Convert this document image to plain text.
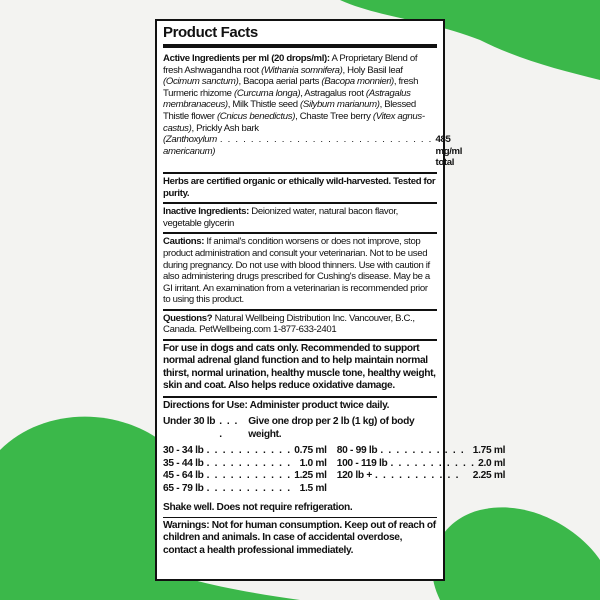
Product Facts
Active Ingredients per ml (20 drops/ml): A Proprietary Blend of fresh Ashwagandha root (Withania somnifera), Holy Basil leaf (Ocimum sanctum), Bacopa aerial parts (Bacopa monnieri), fresh Turmeric rhizome (Curcuma longa), Astragalus root (Astragalus membranaceus), Milk Thistle seed (Silybum marianum), Blessed Thistle flower (Cnicus benedictus), Chaste Tree berry (Vitex agnus-castus), Prickly Ash bark
(Zanthoxylum americanum)
. . . . . . . . . . . . . . . . . . . . . . . . . . . . 485 mg/ml total
Herbs are certified organic or ethically wild-harvested. Tested for purity.
Inactive Ingredients: Deionized water, natural bacon flavor, vegetable glycerin
Cautions: If animal's condition worsens or does not improve, stop product administration and consult your veterinarian. Not to be used during pregnancy. Do not use with blood thinners. Use with caution if also administering drugs prescribed for Cushing's disease. May be a GI irritant. An examination from a veterinarian is recommended prior to using this product.
Questions? Natural Wellbeing Distribution Inc. Vancouver, B.C., Canada. PetWellbeing.com 1-877-633-2401
For use in dogs and cats only. Recommended to support normal adrenal gland function and to help maintain normal thirst, normal urination, healthy muscle tone, healthy weight, skin and coat. Also helps reduce oxidative damage.
Directions for Use: Administer product twice daily.
Under 30 lb . . . .
Give one drop per 2 lb (1 kg) of body weight.
30 - 34 lb . . . . . . . . . . . 0.75 ml
35 - 44 lb . . . . . . . . . . . 1.0 ml
45 - 64 lb . . . . . . . . . . . 1.25 ml
65 - 79 lb . . . . . . . . . . . 1.5 ml
80 - 99 lb . . . . . . . . . . . 1.75 ml
100 - 119 lb . . . . . . . . . . . 2.0 ml
120 lb + . . . . . . . . . . .	2.25 ml
Shake well. Does not require refrigeration.
Warnings: Not for human consumption. Keep out of reach of children and animals. In case of accidental overdose, contact a health professional immediately.
